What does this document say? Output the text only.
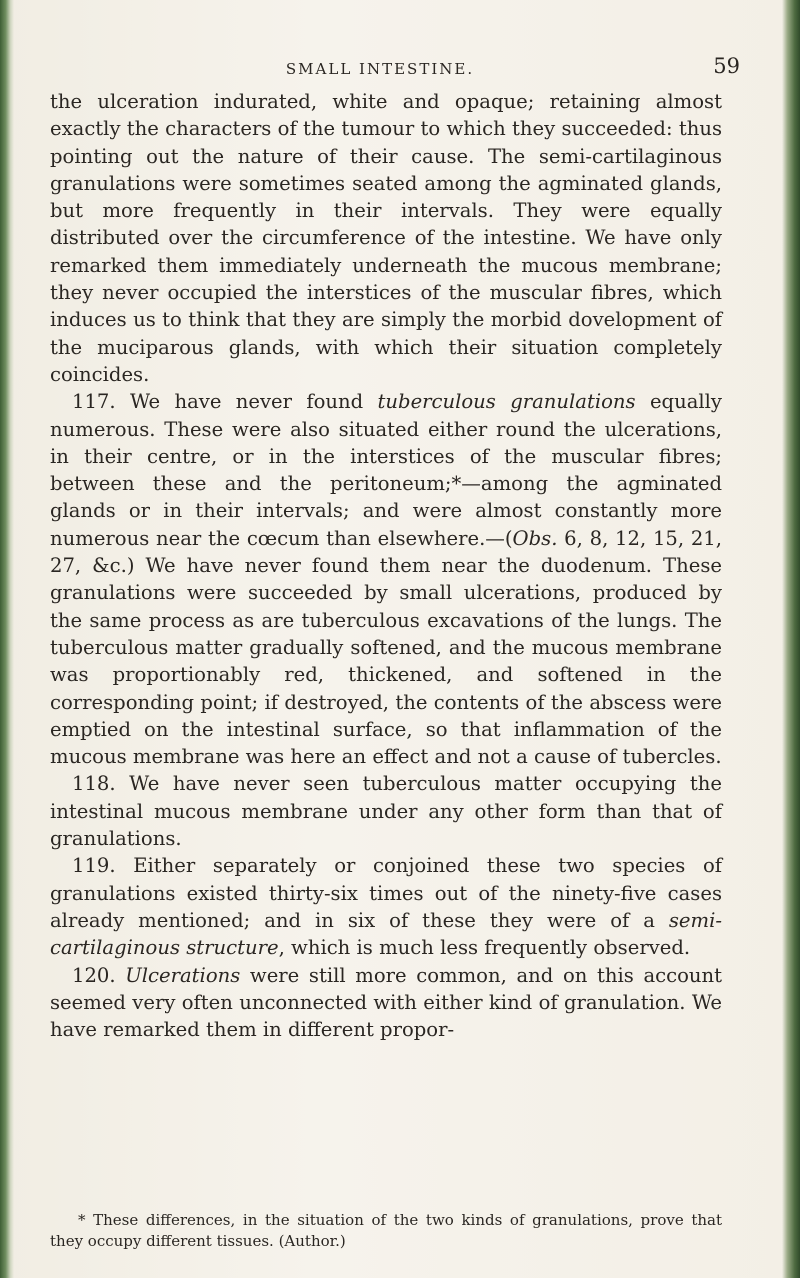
SMALL INTESTINE.	59

the ulceration indurated, white and opaque; retaining almost exactly the characters of the tumour to which they succeeded: thus pointing out the nature of their cause. The semi-cartilaginous granulations were sometimes seated among the agminated glands, but more frequently in their intervals. They were equally distributed over the circumference of the intestine. We have only remarked them immediately underneath the mucous membrane; they never occupied the interstices of the muscular fibres, which induces us to think that they are simply the morbid dovelopment of the muciparous glands, with which their situation completely coincides.

117. We have never found tuberculous granulations equally numerous. These were also situated either round the ulcerations, in their centre, or in the interstices of the muscular fibres; between these and the peritoneum;*—among the agminated glands or in their intervals; and were almost constantly more numerous near the cœcum than elsewhere.—(Obs. 6, 8, 12, 15, 21, 27, &c.) We have never found them near the duodenum. These granulations were succeeded by small ulcerations, produced by the same process as are tuberculous excavations of the lungs. The tuberculous matter gradually softened, and the mucous membrane was proportionably red, thickened, and softened in the corresponding point; if destroyed, the contents of the abscess were emptied on the intestinal surface, so that inflammation of the mucous membrane was here an effect and not a cause of tubercles.

118. We have never seen tuberculous matter occupying the intestinal mucous membrane under any other form than that of granulations.

119. Either separately or conjoined these two species of granulations existed thirty-six times out of the ninety-five cases already mentioned; and in six of these they were of a semi-cartilaginous structure, which is much less frequently observed.

120. Ulcerations were still more common, and on this account seemed very often unconnected with either kind of granulation. We have remarked them in different propor-

* These differences, in the situation of the two kinds of granulations, prove that they occupy different tissues. (Author.)
